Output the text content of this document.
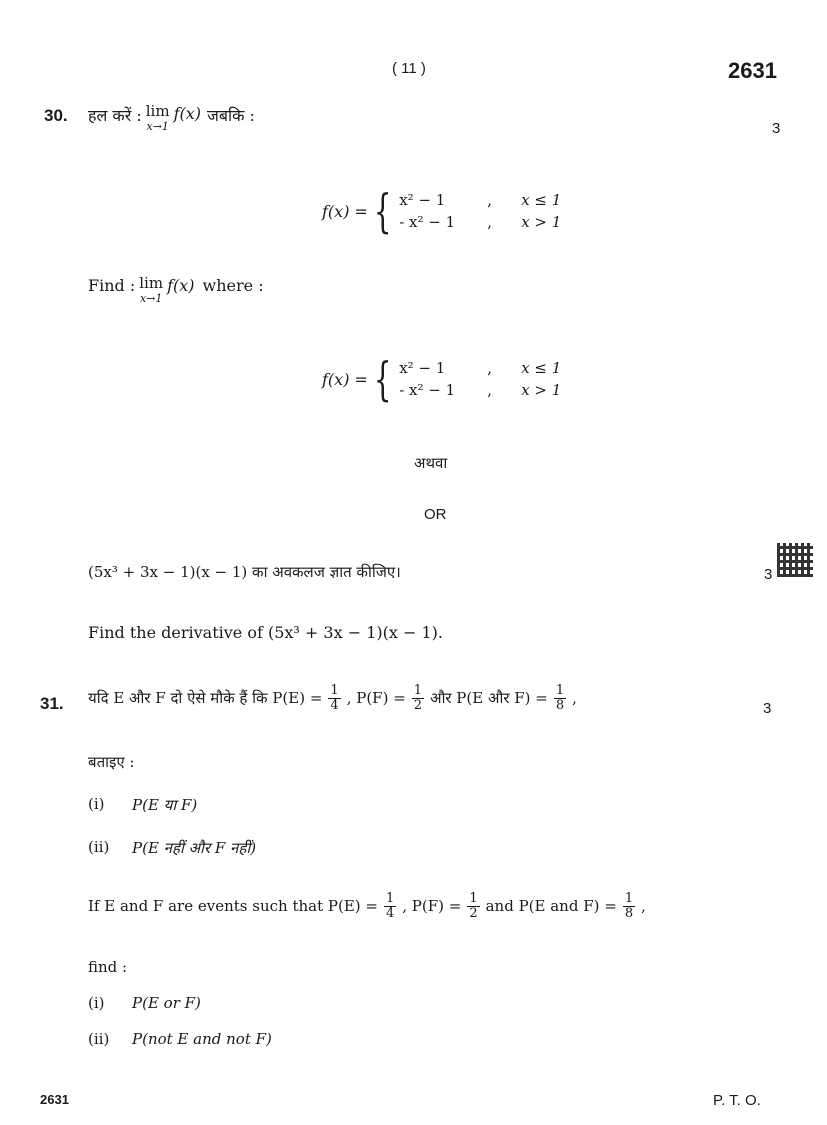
( 11 )	2631
30. हल करें : lim
x→1
f(x) जबकि :
3
f(x) = { x² − 1	,	x ≤ 1
- x² − 1	,	x > 1
Find : lim
x→1
f(x) where :
f(x) = { x² − 1	,	x ≤ 1
- x² − 1	,	x > 1
अथवा
OR
(5x³ + 3x − 1)(x − 1) का अवकलज ज्ञात कीजिए।	3
Find the derivative of (5x³ + 3x − 1)(x − 1).
31. यदि E और F दो ऐसे मौके हैं कि $P(E) = \frac{1}{4}$ , $P(F) = \frac{1}{2}$ और P(E और $F) = \frac{1}{8}$ ,
3
बताइए :
(i) P(E या F)
(ii) P(E नहीं और F नहीं)
If E and F are events such that $P(E) = \frac{1}{4}$ , $P(F) = \frac{1}{2}$ and P(E and $F) = \frac{1}{8}$ ,
find :
(i) P(E or F)
(ii) P(not E and not F)
2631	P. T. O.
